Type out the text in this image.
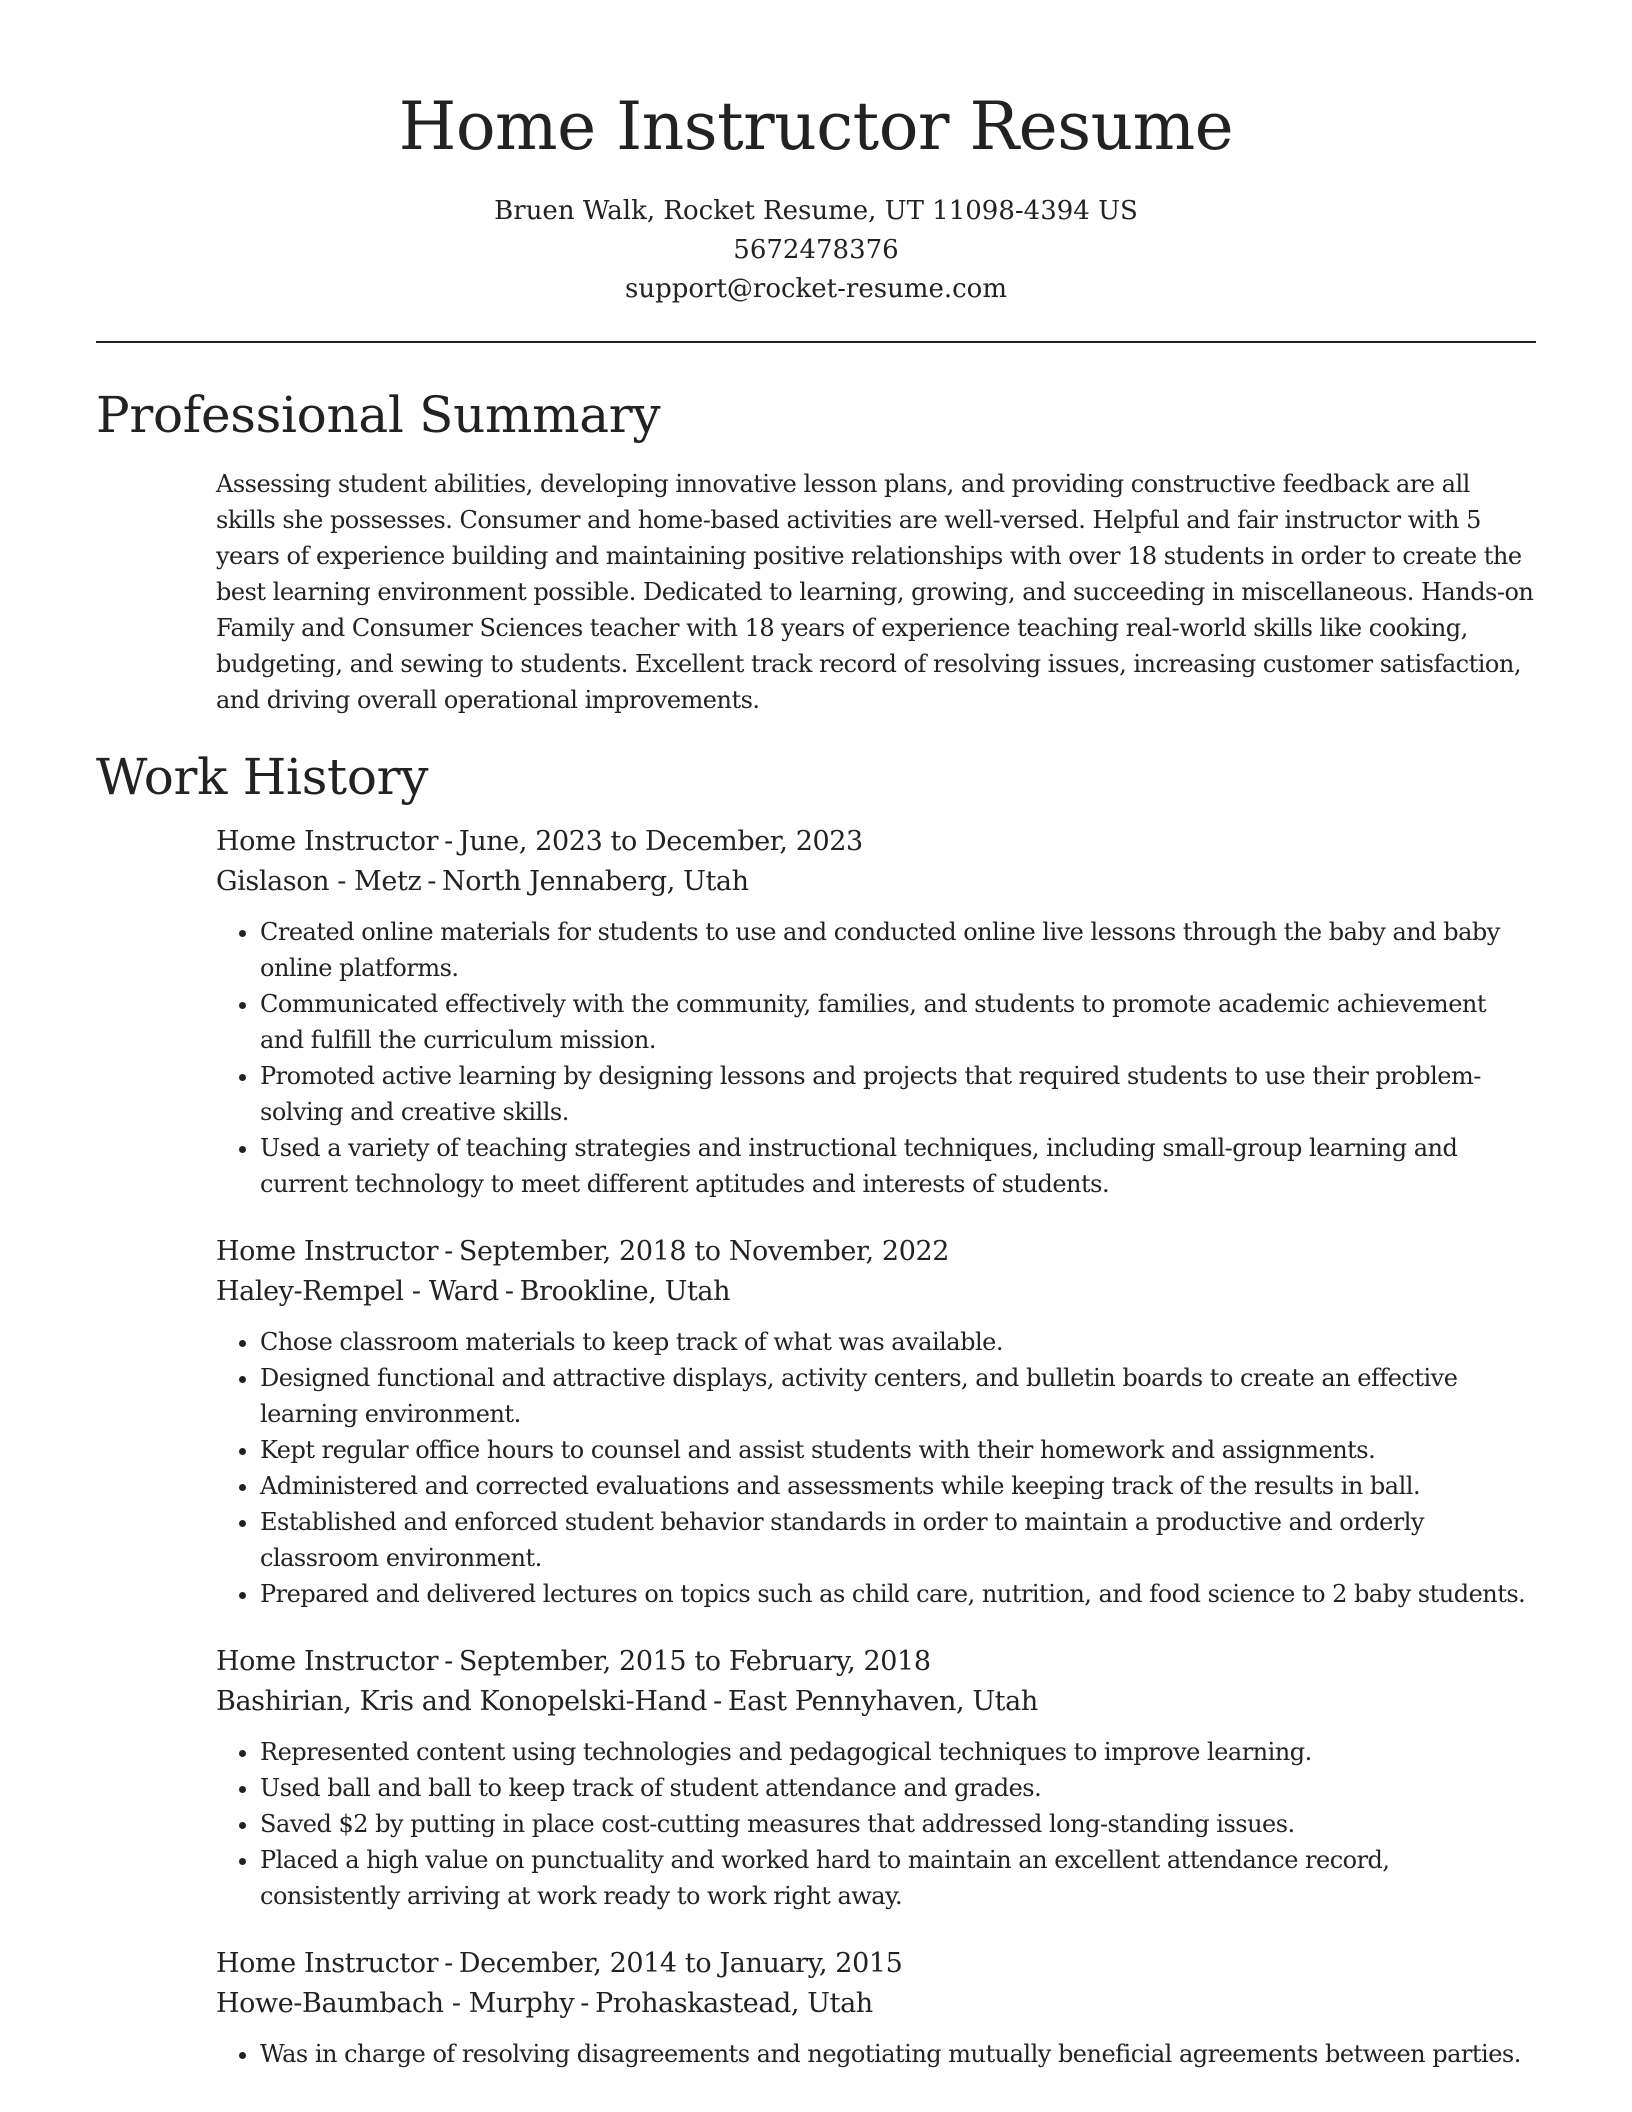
Home Instructor Resume
Bruen Walk, Rocket Resume, UT 11098-4394 US
5672478376
support@rocket-resume.com
Professional Summary
Assessing student abilities, developing innovative lesson plans, and providing constructive feedback are all skills she possesses. Consumer and home-based activities are well-versed. Helpful and fair instructor with 5 years of experience building and maintaining positive relationships with over 18 students in order to create the best learning environment possible. Dedicated to learning, growing, and succeeding in miscellaneous. Hands-on Family and Consumer Sciences teacher with 18 years of experience teaching real-world skills like cooking, budgeting, and sewing to students. Excellent track record of resolving issues, increasing customer satisfaction, and driving overall operational improvements.
Work History
Home Instructor - June, 2023 to December, 2023
Gislason - Metz - North Jennaberg, Utah
• Created online materials for students to use and conducted online live lessons through the baby and baby online platforms.
• Communicated effectively with the community, families, and students to promote academic achievement and fulfill the curriculum mission.
• Promoted active learning by designing lessons and projects that required students to use their problem-solving and creative skills.
• Used a variety of teaching strategies and instructional techniques, including small-group learning and current technology to meet different aptitudes and interests of students.
Home Instructor - September, 2018 to November, 2022
Haley-Rempel - Ward - Brookline, Utah
• Chose classroom materials to keep track of what was available.
• Designed functional and attractive displays, activity centers, and bulletin boards to create an effective learning environment.
• Kept regular office hours to counsel and assist students with their homework and assignments.
• Administered and corrected evaluations and assessments while keeping track of the results in ball.
• Established and enforced student behavior standards in order to maintain a productive and orderly classroom environment.
• Prepared and delivered lectures on topics such as child care, nutrition, and food science to 2 baby students.
Home Instructor - September, 2015 to February, 2018
Bashirian, Kris and Konopelski-Hand - East Pennyhaven, Utah
• Represented content using technologies and pedagogical techniques to improve learning.
• Used ball and ball to keep track of student attendance and grades.
• Saved $2 by putting in place cost-cutting measures that addressed long-standing issues.
• Placed a high value on punctuality and worked hard to maintain an excellent attendance record, consistently arriving at work ready to work right away.
Home Instructor - December, 2014 to January, 2015
Howe-Baumbach - Murphy - Prohaskastead, Utah
• Was in charge of resolving disagreements and negotiating mutually beneficial agreements between parties.
